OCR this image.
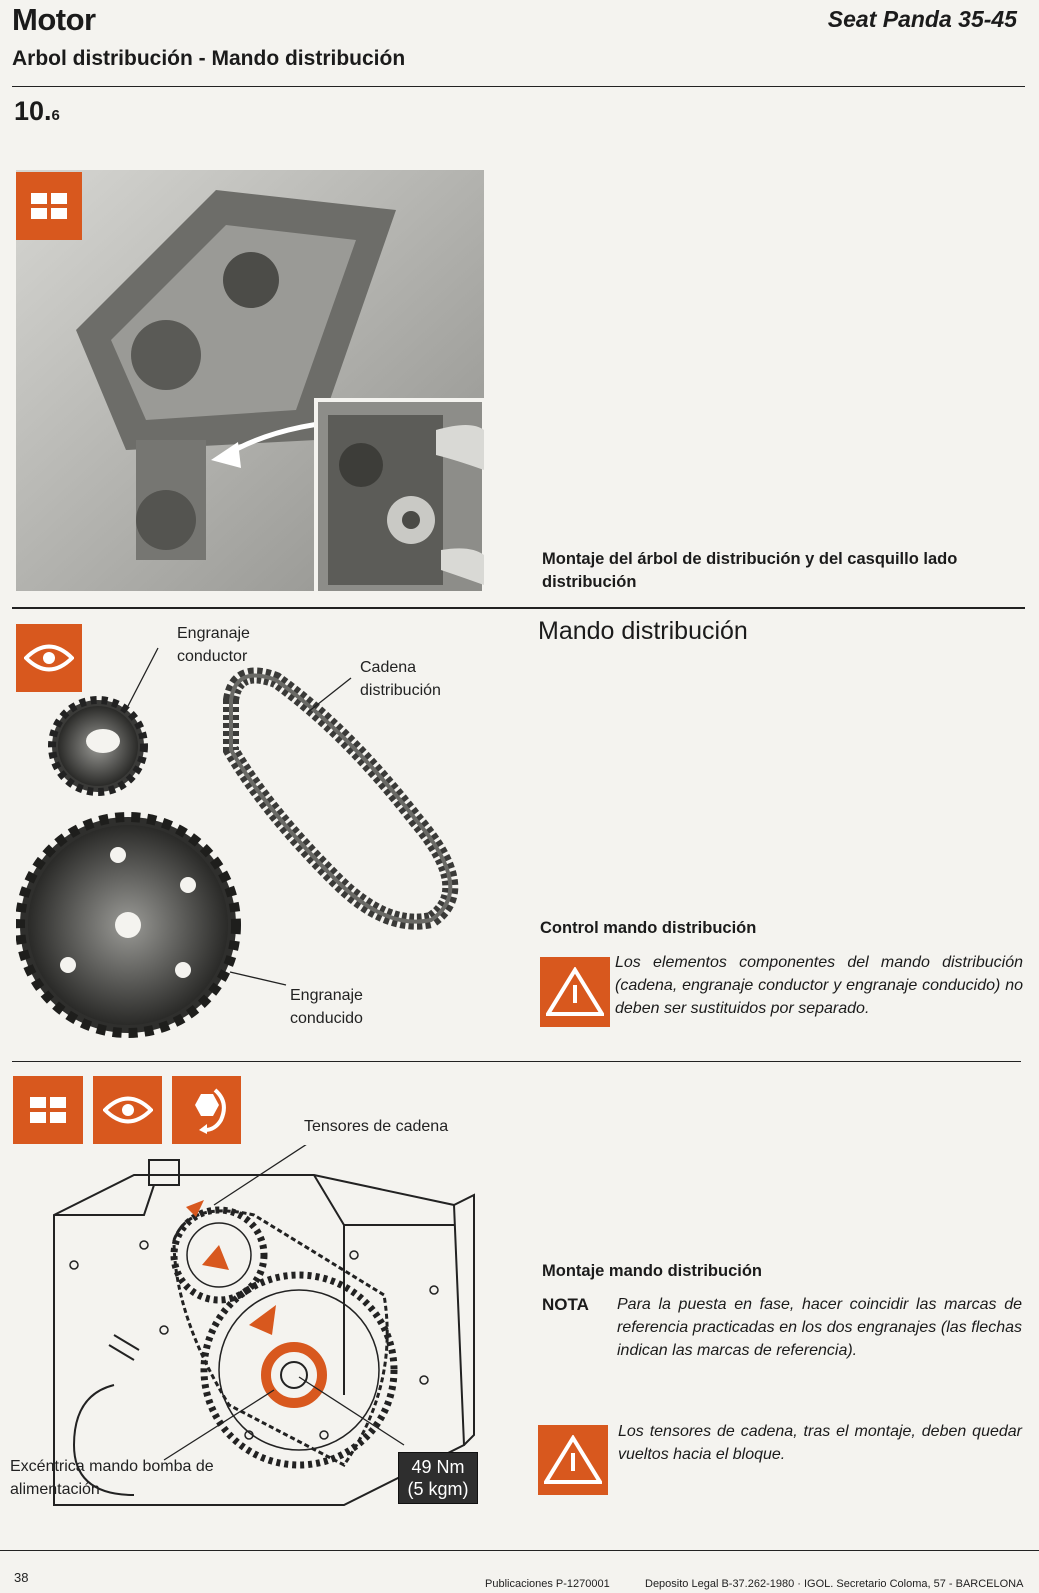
Motor	Seat Panda 35-45
Arbol distribución - Mando distribución
10.6
Montaje del árbol de distribución y del casquillo lado distribución
Engranaje conductor
Cadena distribución
Engranaje conducido
Mando distribución
Control mando distribución
Los elementos componentes del mando distribución (cadena, engranaje conductor y engranaje conducido) no deben ser sustituidos por separado.
Tensores de cadena
Excéntrica mando bomba de alimentación
49 Nm
(5 kgm)
Montaje mando distribución
NOTA Para la puesta en fase, hacer coincidir las marcas de referencia practicadas en los dos engranajes (las flechas indican las marcas de referencia).
Los tensores de cadena, tras el montaje, deben quedar vueltos hacia el bloque.
38	Publicaciones P-1270001	Deposito Legal B-37.262-1980 · IGOL. Secretario Coloma, 57 - BARCELONA
